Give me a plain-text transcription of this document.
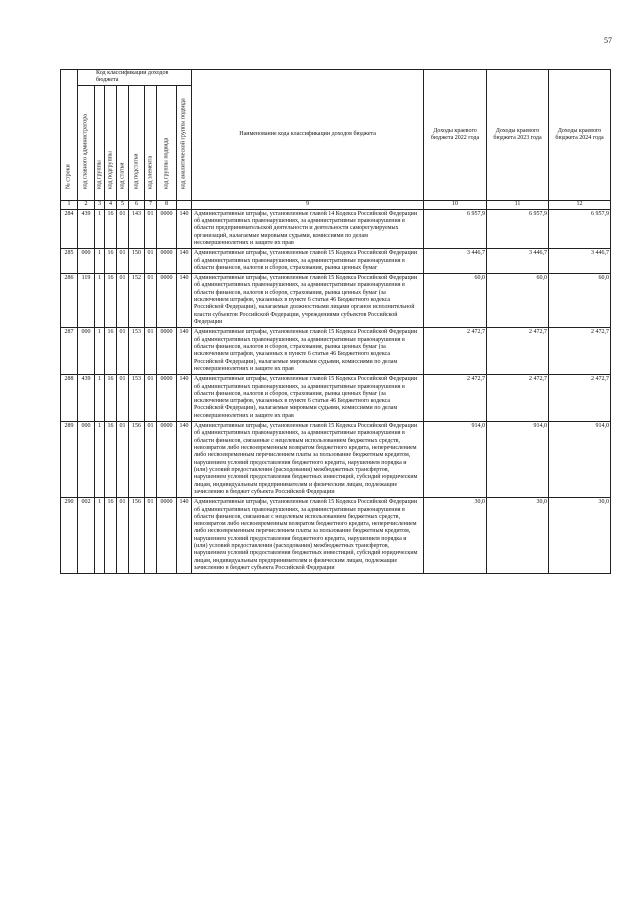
57
№ строки	Код классификации доходов бюджета								Наименование кода классификации доходов бюджета	Доходы краевого бюджета 2022 года	Доходы краевого бюджета 2023 года	Доходы краевого бюджета 2024 года

	код главного администратора	код группы	код подгруппы	код статьи	код подстатьи	код элемента	код группы подвида	код аналитической группы подвида				

1	2	3	4	5	6	7	8		9	10	11	12
284	439	1	16	01	143	01	0000	140	Административные штрафы, установленные главой 14 Кодекса Российской Федерации об административных правонарушениях, за административные правонарушения в области предпринимательской деятельности и деятельности саморегулируемых организаций, налагаемые мировыми судьями, комиссиями по делам несовершеннолетних и защите их прав	6 957,9	6 957,9	6 957,9
285	000	1	16	01	150	01	0000	140	Административные штрафы, установленные главой 15 Кодекса Российской Федерации об административных правонарушениях, за административные правонарушения в области финансов, налогов и сборов, страхования, рынка ценных бумаг	3 446,7	3 446,7	3 446,7
286	119	1	16	01	152	01	0000	140	Административные штрафы, установленные главой 15 Кодекса Российской Федерации об административных правонарушениях, за административные правонарушения в области финансов, налогов и сборов, страхования, рынка ценных бумаг (за исключением штрафов, указанных в пункте 6 статьи 46 Бюджетного кодекса Российской Федерации), налагаемые должностными лицами органов исполнительной власти субъектов Российской Федерации, учреждениями субъектов Российской Федерации	60,0	60,0	60,0
287	000	1	16	01	153	01	0000	140	Административные штрафы, установленные главой 15 Кодекса Российской Федерации об административных правонарушениях, за административные правонарушения в области финансов, налогов и сборов, страхования, рынка ценных бумаг (за исключением штрафов, указанных в пункте 6 статьи 46 Бюджетного кодекса Российской Федерации), налагаемые мировыми судьями, комиссиями по делам несовершеннолетних и защите их прав	2 472,7	2 472,7	2 472,7
288	439	1	16	01	153	01	0000	140	Административные штрафы, установленные главой 15 Кодекса Российской Федерации об административных правонарушениях, за административные правонарушения в области финансов, налогов и сборов, страхования, рынка ценных бумаг (за исключением штрафов, указанных в пункте 6 статьи 46 Бюджетного кодекса Российской Федерации), налагаемые мировыми судьями, комиссиями по делам несовершеннолетних и защите их прав	2 472,7	2 472,7	2 472,7
289	000	1	16	01	156	01	0000	140	Административные штрафы, установленные главой 15 Кодекса Российской Федерации об административных правонарушениях, за административные правонарушения в области финансов, связанные с нецелевым использованием бюджетных средств, невозвратом либо несвоевременным возвратом бюджетного кредита, неперечислением либо несвоевременным перечислением платы за пользование бюджетным кредитом, нарушением условий предоставления бюджетного кредита, нарушением порядка и (или) условий предоставления (расходования) межбюджетных трансфертов, нарушением условий предоставления бюджетных инвестиций, субсидий юридическим лицам, индивидуальным предпринимателям и физическим лицам, подлежащие зачислению в бюджет субъекта Российской Федерации	914,0	914,0	914,0
290	002	1	16	01	156	01	0000	140	Административные штрафы, установленные главой 15 Кодекса Российской Федерации об административных правонарушениях, за административные правонарушения в области финансов, связанные с нецелевым использованием бюджетных средств, невозвратом либо несвоевременным возвратом бюджетного кредита, неперечислением либо несвоевременным перечислением платы за пользование бюджетным кредитом, нарушением условий предоставления бюджетного кредита, нарушением порядка и (или) условий предоставления (расходования) межбюджетных трансфертов, нарушением условий предоставления бюджетных инвестиций, субсидий юридическим лицам, индивидуальным предпринимателям и физическим лицам, подлежащие зачислению в бюджет субъекта Российской Федерации	30,0	30,0	30,0
